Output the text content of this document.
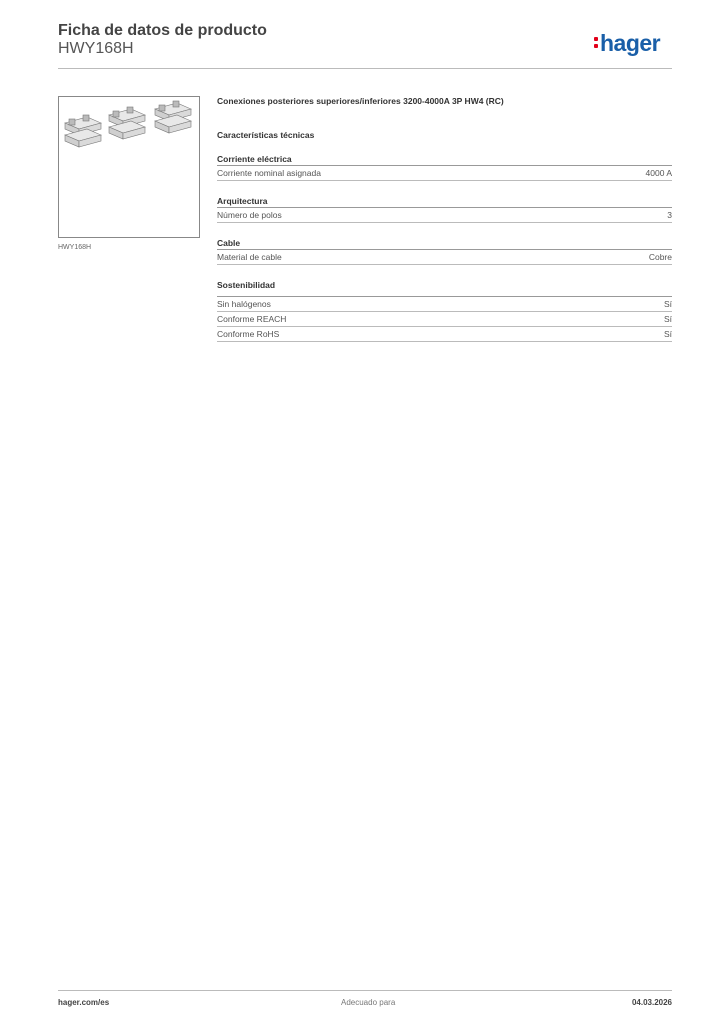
Ficha de datos de producto
HWY168H	hager
HWY168H
Conexiones posteriores superiores/inferiores 3200-4000A 3P HW4 (RC)
Características técnicas
Corriente eléctrica
Corriente nominal asignada	4000 A
Arquitectura
Número de polos	3
Cable
Material de cable	Cobre
Sostenibilidad
Sin halógenos	Sí
Conforme REACH	Sí
Conforme RoHS	Sí
hager.com/es	Adecuado para	04.03.2026
